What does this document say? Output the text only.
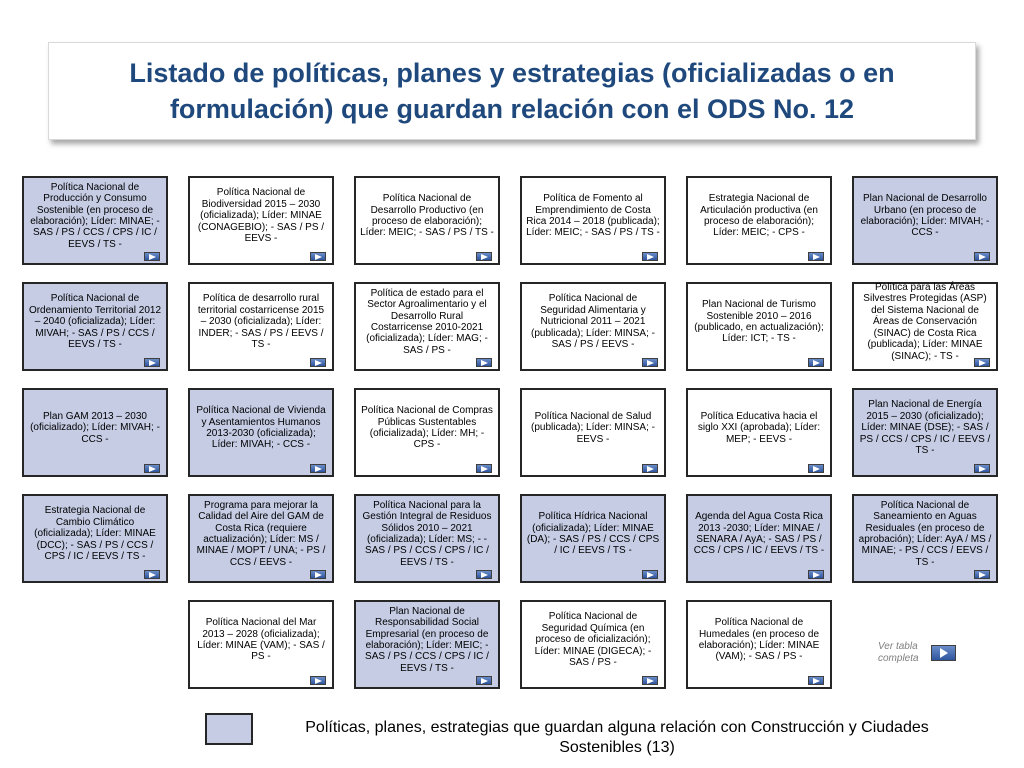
Listado de políticas, planes y estrategias (oficializadas o en
formulación) que guardan relación con el ODS No. 12
Política Nacional de Producción y Consumo Sostenible (en proceso de elaboración); Líder: MINAE; - SAS / PS / CCS / CPS / IC / EEVS / TS -
Política Nacional de Biodiversidad 2015 – 2030 (oficializada); Líder: MINAE (CONAGEBIO); - SAS / PS / EEVS -
Política Nacional de Desarrollo Productivo (en proceso de elaboración); Líder: MEIC; - SAS / PS / TS -
Política de Fomento al Emprendimiento de Costa Rica 2014 – 2018 (publicada); Líder: MEIC; - SAS / PS / TS -
Estrategia Nacional de Articulación productiva (en proceso de elaboración); Líder: MEIC; - CPS -
Plan Nacional de Desarrollo Urbano (en proceso de elaboración); Líder: MIVAH; - CCS -
Política Nacional de Ordenamiento Territorial 2012 – 2040 (oficializada); Líder: MIVAH; - SAS / PS / CCS / EEVS / TS -
Política de desarrollo rural territorial costarricense 2015 – 2030 (oficializada); Líder: INDER; - SAS / PS / EEVS / TS -
Política de estado para el Sector Agroalimentario y el Desarrollo Rural Costarricense 2010-2021 (oficializada); Líder: MAG; - SAS / PS -
Política Nacional de Seguridad Alimentaria y Nutricional 2011 – 2021 (publicada); Líder: MINSA; - SAS / PS / EEVS -
Plan Nacional de Turismo Sostenible 2010 – 2016 (publicado, en actualización); Líder: ICT; - TS -
Política para las Áreas Silvestres Protegidas (ASP) del Sistema Nacional de Áreas de Conservación (SINAC) de Costa Rica (publicada); Líder: MINAE (SINAC); - TS -
Plan GAM 2013 – 2030 (oficializado); Líder: MIVAH; - CCS -
Política Nacional de Vivienda y Asentamientos Humanos 2013-2030 (oficializada); Líder: MIVAH; - CCS -
Política Nacional de Compras Públicas Sustentables (oficializada); Líder: MH; - CPS -
Política Nacional de Salud (publicada); Líder: MINSA; - EEVS -
Política Educativa hacia el siglo XXI (aprobada); Líder: MEP; - EEVS -
Plan Nacional de Energía 2015 – 2030 (oficializado); Líder: MINAE (DSE); - SAS / PS / CCS / CPS / IC / EEVS / TS -
Estrategia Nacional de Cambio Climático (oficializada); Líder: MINAE (DCC); - SAS / PS / CCS / CPS / IC / EEVS / TS -
Programa para mejorar la Calidad del Aire del GAM de Costa Rica (requiere actualización); Líder: MS / MINAE / MOPT / UNA; - PS / CCS / EEVS -
Política Nacional para la Gestión Integral de Residuos Sólidos 2010 – 2021 (oficializada); Líder: MS; - - SAS / PS / CCS / CPS / IC / EEVS / TS -
Política Hídrica Nacional (oficializada); Líder: MINAE (DA); - SAS / PS / CCS / CPS / IC / EEVS / TS -
Agenda del Agua Costa Rica 2013 -2030; Líder: MINAE / SENARA / AyA; - SAS / PS / CCS / CPS / IC / EEVS / TS -
Política Nacional de Saneamiento en Aguas Residuales (en proceso de aprobación); Líder: AyA / MS / MINAE; - PS / CCS / EEVS / TS -
Política Nacional del Mar 2013 – 2028 (oficializada); Líder: MINAE (VAM); - SAS / PS -
Plan Nacional de Responsabilidad Social Empresarial (en proceso de elaboración); Líder: MEIC; - SAS / PS / CCS / CPS / IC / EEVS / TS -
Política Nacional de Seguridad Química (en proceso de oficialización); Líder: MINAE (DIGECA); - SAS / PS -
Política Nacional de Humedales (en proceso de elaboración); Líder: MINAE (VAM); - SAS / PS -
Ver tabla completa
Políticas, planes, estrategias que guardan alguna relación con Construcción y Ciudades Sostenibles (13)
